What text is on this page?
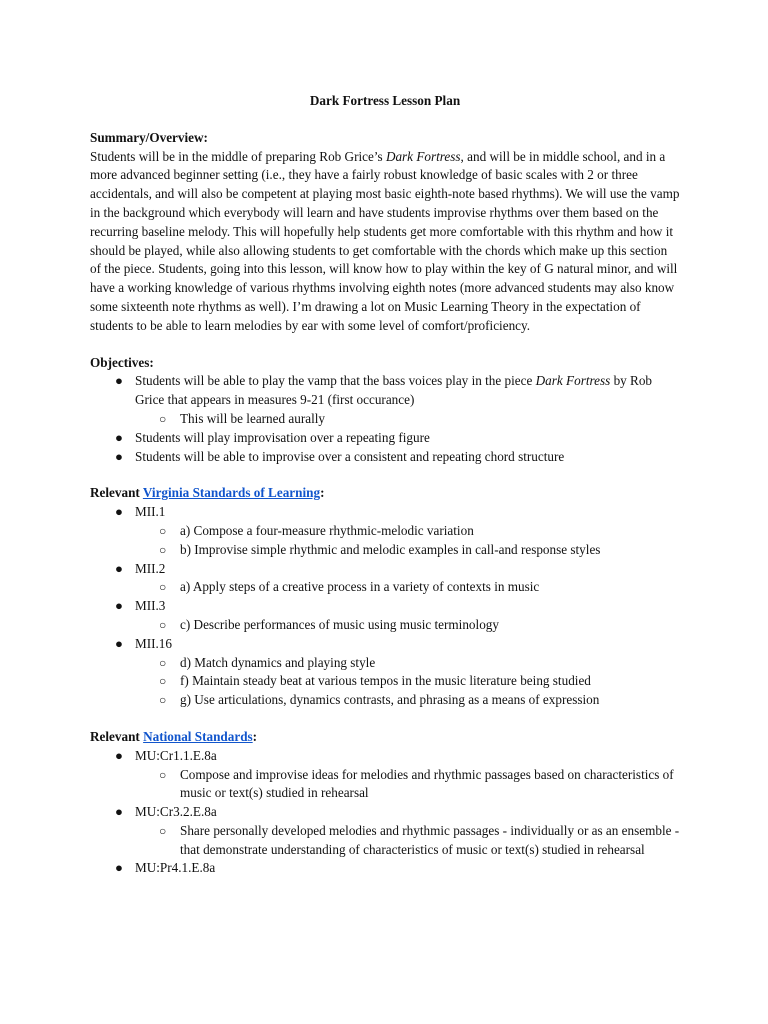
Dark Fortress Lesson Plan

Summary/Overview:

Students will be in the middle of preparing Rob Grice’s Dark Fortress, and will be in middle school, and in a more advanced beginner setting (i.e., they have a fairly robust knowledge of basic scales with 2 or three accidentals, and will also be competent at playing most basic eighth-note based rhythms). We will use the vamp in the background which everybody will learn and have students improvise rhythms over them based on the recurring baseline melody. This will hopefully help students get more comfortable with this rhythm and how it should be played, while also allowing students to get comfortable with the chords which make up this section of the piece. Students, going into this lesson, will know how to play within the key of G natural minor, and will have a working knowledge of various rhythms involving eighth notes (more advanced students may also know some sixteenth note rhythms as well). I’m drawing a lot on Music Learning Theory in the expectation of students to be able to learn melodies by ear with some level of comfort/proficiency.

Objectives:

● Students will be able to play the vamp that the bass voices play in the piece Dark Fortress by Rob Grice that appears in measures 9-21 (first occurance)
○ This will be learned aurally
● Students will play improvisation over a repeating figure
● Students will be able to improvise over a consistent and repeating chord structure

Relevant Virginia Standards of Learning:

● MII.1
○ a) Compose a four-measure rhythmic-melodic variation
○ b) Improvise simple rhythmic and melodic examples in call-and response styles
● MII.2
○ a) Apply steps of a creative process in a variety of contexts in music
● MII.3
○ c) Describe performances of music using music terminology
● MII.16
○ d) Match dynamics and playing style
○ f) Maintain steady beat at various tempos in the music literature being studied
○ g) Use articulations, dynamics contrasts, and phrasing as a means of expression

Relevant National Standards:

● MU:Cr1.1.E.8a
○ Compose and improvise ideas for melodies and rhythmic passages based on characteristics of music or text(s) studied in rehearsal
● MU:Cr3.2.E.8a
○ Share personally developed melodies and rhythmic passages - individually or as an ensemble - that demonstrate understanding of characteristics of music or text(s) studied in rehearsal
● MU:Pr4.1.E.8a
